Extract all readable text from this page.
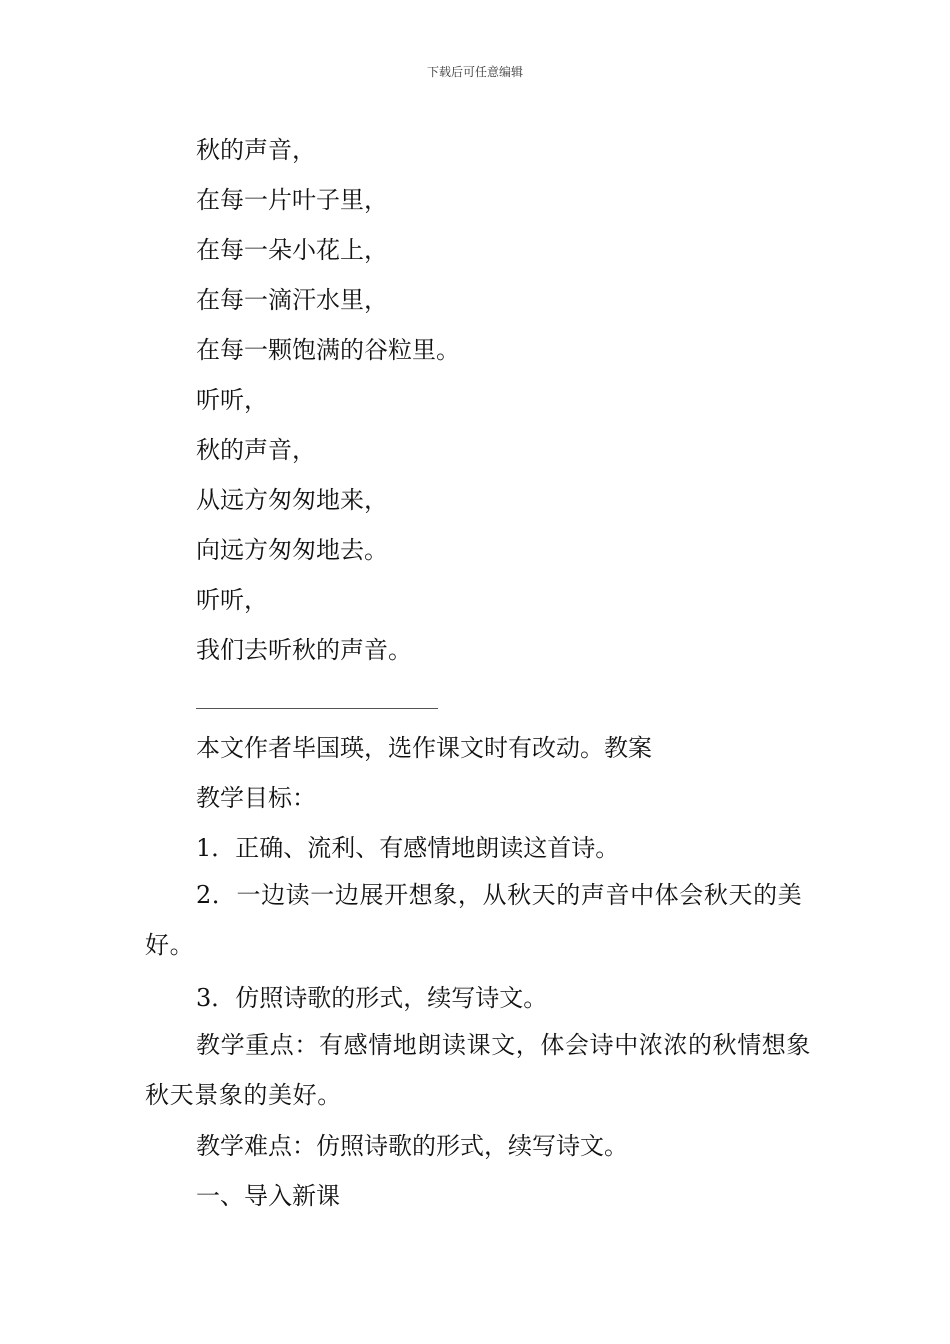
下载后可任意编辑
秋的声音，
在每一片叶子里，
在每一朵小花上，
在每一滴汗水里，
在每一颗饱满的谷粒里。
听听，
秋的声音，
从远方匆匆地来，
向远方匆匆地去。
听听，
我们去听秋的声音。
本文作者毕国瑛，选作课文时有改动。教案
教学目标：
1．正确、流利、有感情地朗读这首诗。
2．一边读一边展开想象，从秋天的声音中体会秋天的美好。
3．仿照诗歌的形式，续写诗文。
教学重点：有感情地朗读课文，体会诗中浓浓的秋情想象秋天景象的美好。
教学难点：仿照诗歌的形式，续写诗文。
一、导入新课
